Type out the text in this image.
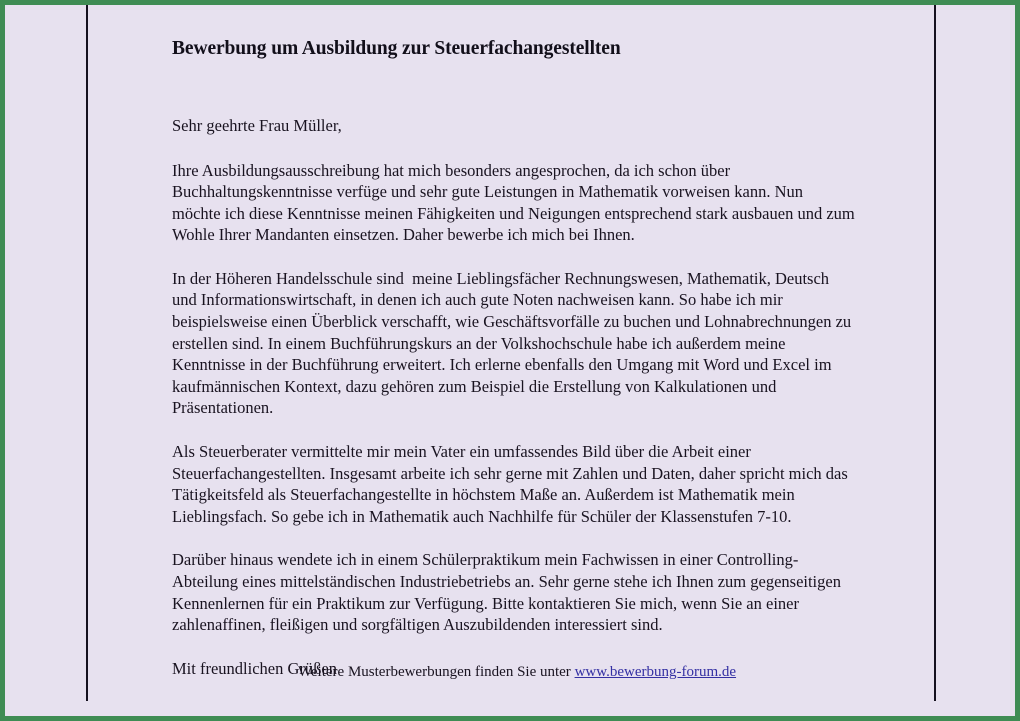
Bewerbung um Ausbildung zur Steuerfachangestellten

Sehr geehrte Frau Müller,

Ihre Ausbildungsausschreibung hat mich besonders angesprochen, da ich schon über Buchhaltungskenntnisse verfüge und sehr gute Leistungen in Mathematik vorweisen kann. Nun möchte ich diese Kenntnisse meinen Fähigkeiten und Neigungen entsprechend stark ausbauen und zum Wohle Ihrer Mandanten einsetzen. Daher bewerbe ich mich bei Ihnen.

In der Höheren Handelsschule sind  meine Lieblingsfächer Rechnungswesen, Mathematik, Deutsch und Informationswirtschaft, in denen ich auch gute Noten nachweisen kann. So habe ich mir beispielsweise einen Überblick verschafft, wie Geschäftsvorfälle zu buchen und Lohnabrechnungen zu erstellen sind. In einem Buchführungskurs an der Volkshochschule habe ich außerdem meine Kenntnisse in der Buchführung erweitert. Ich erlerne ebenfalls den Umgang mit Word und Excel im kaufmännischen Kontext, dazu gehören zum Beispiel die Erstellung von Kalkulationen und Präsentationen.

Als Steuerberater vermittelte mir mein Vater ein umfassendes Bild über die Arbeit einer Steuerfachangestellten. Insgesamt arbeite ich sehr gerne mit Zahlen und Daten, daher spricht mich das Tätigkeitsfeld als Steuerfachangestellte in höchstem Maße an. Außerdem ist Mathematik mein Lieblingsfach. So gebe ich in Mathematik auch Nachhilfe für Schüler der Klassenstufen 7-10.

Darüber hinaus wendete ich in einem Schülerpraktikum mein Fachwissen in einer Controlling-Abteilung eines mittelständischen Industriebetriebs an. Sehr gerne stehe ich Ihnen zum gegenseitigen Kennenlernen für ein Praktikum zur Verfügung. Bitte kontaktieren Sie mich, wenn Sie an einer zahlenaffinen, fleißigen und sorgfältigen Auszubildenden interessiert sind.

Mit freundlichen Grüßen

Weitere Musterbewerbungen finden Sie unter www.bewerbung-forum.de
